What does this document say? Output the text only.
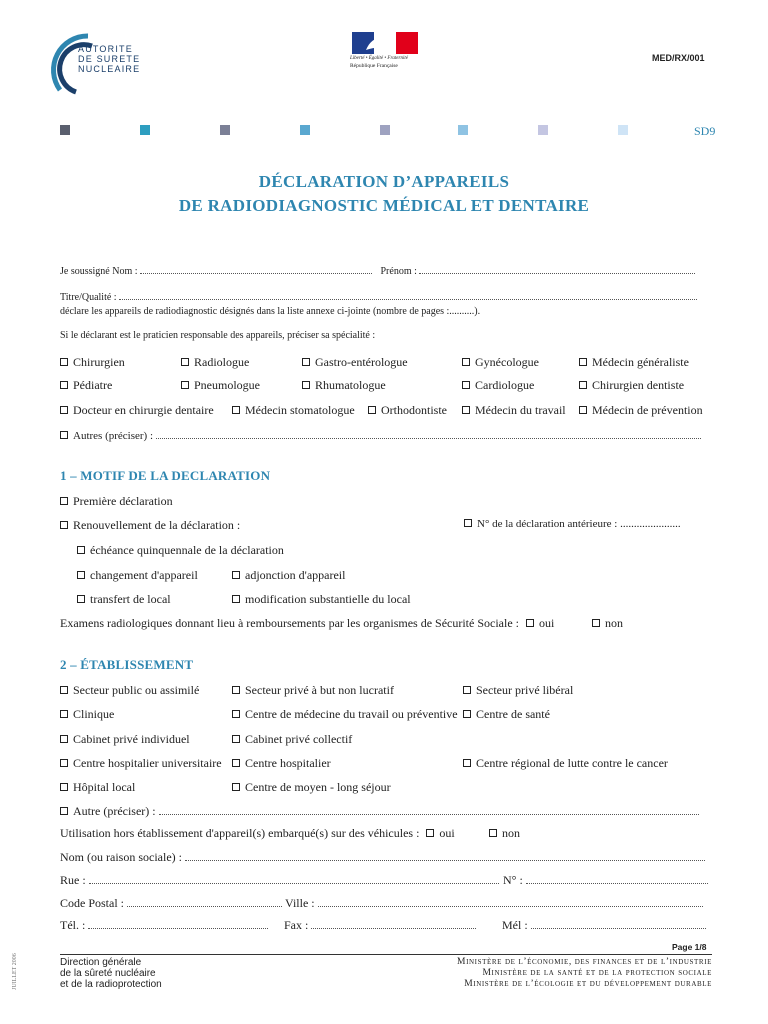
AUTORITE
DE SURETE
NUCLEAIRE
Liberté • Égalité • Fraternité
République Française
MED/RX/001
SD9
DÉCLARATION D’APPAREILS
DE RADIODIAGNOSTIC MÉDICAL ET DENTAIRE
Je soussigné Nom :	Prénom :
Titre/Qualité :
déclare les appareils de radiodiagnostic désignés dans la liste annexe ci-jointe (nombre de pages :..........).
Si le déclarant est le praticien responsable des appareils, préciser sa spécialité :
Chirurgien	Radiologue	Gastro-entérologue	Gynécologue	Médecin généraliste
Pédiatre	Pneumologue	Rhumatologue	Cardiologue	Chirurgien dentiste
Docteur en chirurgie dentaire	Médecin stomatologue	Orthodontiste	Médecin du travail	Médecin de prévention
Autres (préciser) :
1 – MOTIF DE LA DECLARATION
Première déclaration
Renouvellement de la déclaration :	N° de la déclaration antérieure : ......................
échéance quinquennale de la déclaration
changement d'appareil	adjonction d'appareil
transfert de local	modification substantielle du local
Examens radiologiques donnant lieu à remboursements par les organismes de Sécurité Sociale : oui	non
2 – ÉTABLISSEMENT
Secteur public ou assimilé	Secteur privé à but non lucratif	Secteur privé libéral
Clinique	Centre de médecine du travail ou préventive	Centre de santé
Cabinet privé individuel	Cabinet privé collectif
Centre hospitalier universitaire	Centre hospitalier	Centre régional de lutte contre le cancer
Hôpital local	Centre de moyen - long séjour
Autre (préciser) :
Utilisation hors établissement d'appareil(s) embarqué(s) sur des véhicules : oui	non
Nom (ou raison sociale) :
Rue :	N° :
Code Postal :	Ville :
Tél. :	Fax :	Mél :
Page 1/8
JUILLET 2006	Direction générale
de la sûreté nucléaire
et de la radioprotection
Ministère de l’économie, des finances et de l’industrie
Ministère de la santé et de la protection sociale
Ministère de l’écologie et du développement durable
